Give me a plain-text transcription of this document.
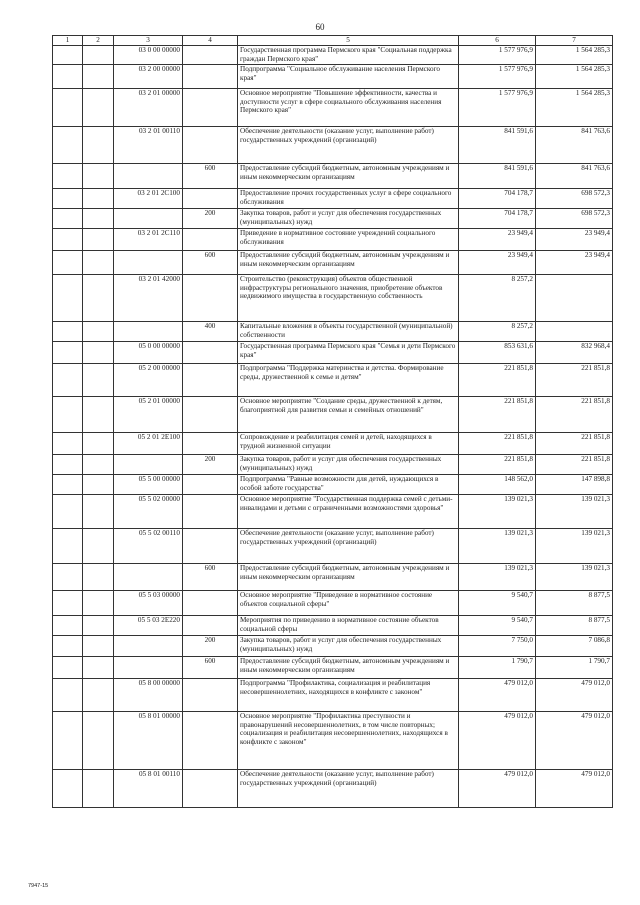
60
1	2	3	4	5	6	7
		03 0 00 00000		Государственная программа Пермского края "Социальная поддержка граждан Пермского края"	1 577 976,9	1 564 285,3
		03 2 00 00000		Подпрограмма "Социальное обслуживание населения Пермского края"	1 577 976,9	1 564 285,3
		03 2 01 00000		Основное мероприятие "Повышение эффективности, качества и доступности услуг в сфере социального обслуживания населения Пермского края"	1 577 976,9	1 564 285,3
		03 2 01 00110		Обеспечение деятельности (оказание услуг, выполнение работ) государственных учреждений (организаций)	841 591,6	841 763,6
			600	Предоставление субсидий бюджетным, автономным учреждениям и иным некоммерческим организациям	841 591,6	841 763,6
		03 2 01 2С100		Предоставление прочих государственных услуг в сфере социального обслуживания	704 178,7	698 572,3
			200	Закупка товаров, работ и услуг для обеспечения государственных (муниципальных) нужд	704 178,7	698 572,3
		03 2 01 2С110		Приведение в нормативное состояние учреждений социального обслуживания	23 949,4	23 949,4
			600	Предоставление субсидий бюджетным, автономным учреждениям и иным некоммерческим организациям	23 949,4	23 949,4
		03 2 01 42000		Строительство (реконструкция) объектов общественной инфраструктуры регионального значения, приобретение объектов недвижимого имущества в государственную собственность	8 257,2	
			400	Капитальные вложения в объекты государственной (муниципальной) собственности	8 257,2	
		05 0 00 00000		Государственная программа Пермского края "Семья и дети Пермского края"	853 631,6	832 968,4
		05 2 00 00000		Подпрограмма "Поддержка материнства и детства. Формирование среды, дружественной к семье и детям"	221 851,8	221 851,8
		05 2 01 00000		Основное мероприятие "Создание среды, дружественной к детям, благоприятной для развития семьи и семейных отношений"	221 851,8	221 851,8
		05 2 01 2Е100		Сопровождение и реабилитация семей и детей, находящихся в трудной жизненной ситуации	221 851,8	221 851,8
			200	Закупка товаров, работ и услуг для обеспечения государственных (муниципальных) нужд	221 851,8	221 851,8
		05 5 00 00000		Подпрограмма "Равные возможности для детей, нуждающихся в особой заботе государства"	148 562,0	147 898,8
		05 5 02 00000		Основное мероприятие "Государственная поддержка семей с детьми-инвалидами и детьми с ограниченными возможностями здоровья"	139 021,3	139 021,3
		05 5 02 00110		Обеспечение деятельности (оказание услуг, выполнение работ) государственных учреждений (организаций)	139 021,3	139 021,3
			600	Предоставление субсидий бюджетным, автономным учреждениям и иным некоммерческим организациям	139 021,3	139 021,3
		05 5 03 00000		Основное мероприятие "Приведение в нормативное состояние объектов социальной сферы"	9 540,7	8 877,5
		05 5 03 2Е220		Мероприятия по приведению в нормативное состояние объектов социальной сферы	9 540,7	8 877,5
			200	Закупка товаров, работ и услуг для обеспечения государственных (муниципальных) нужд	7 750,0	7 086,8
			600	Предоставление субсидий бюджетным, автономным учреждениям и иным некоммерческим организациям	1 790,7	1 790,7
		05 8 00 00000		Подпрограмма "Профилактика, социализация и реабилитация несовершеннолетних, находящихся в конфликте с законом"	479 012,0	479 012,0
		05 8 01 00000		Основное мероприятие "Профилактика преступности и правонарушений несовершеннолетних, в том числе повторных; социализация и реабилитация несовершеннолетних, находящихся в конфликте с законом"	479 012,0	479 012,0
		05 8 01 00110		Обеспечение деятельности (оказание услуг, выполнение работ) государственных учреждений (организаций)	479 012,0	479 012,0
7947-15
